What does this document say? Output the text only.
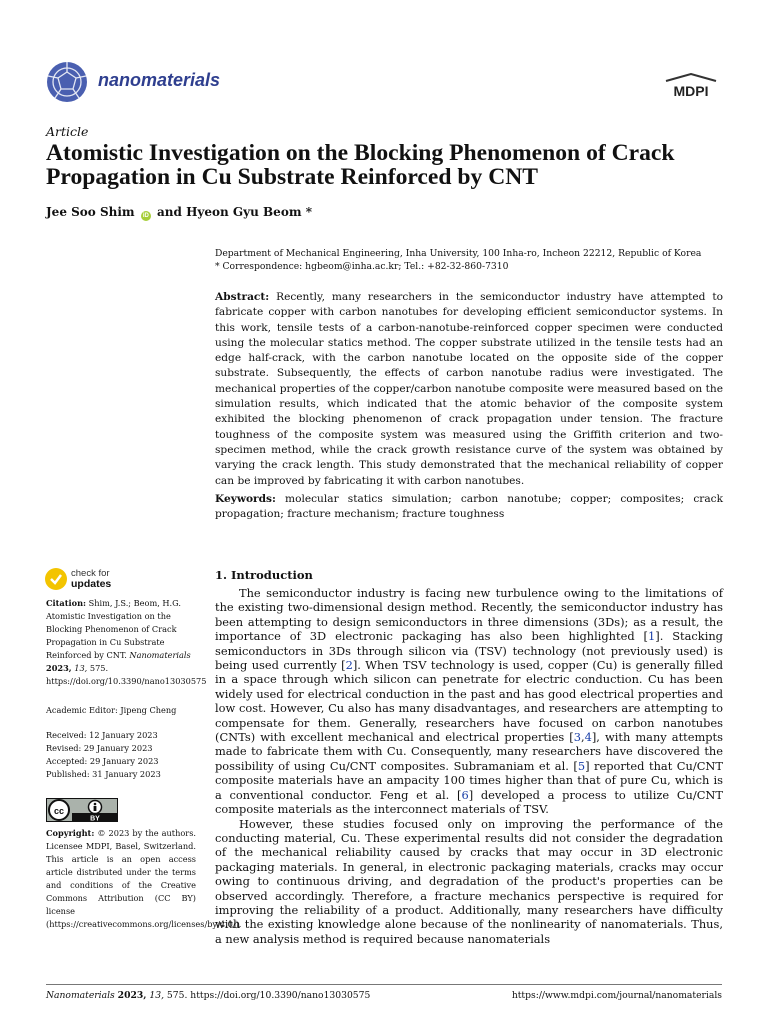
nanomaterials
MDPI
Article
Atomistic Investigation on the Blocking Phenomenon of Crack Propagation in Cu Substrate Reinforced by CNT
Jee Soo Shim iD and Hyeon Gyu Beom *
Department of Mechanical Engineering, Inha University, 100 Inha-ro, Incheon 22212, Republic of Korea
* Correspondence: hgbeom@inha.ac.kr; Tel.: +82-32-860-7310
Abstract: Recently, many researchers in the semiconductor industry have attempted to fabricate copper with carbon nanotubes for developing efficient semiconductor systems. In this work, tensile tests of a carbon-nanotube-reinforced copper specimen were conducted using the molecular statics method. The copper substrate utilized in the tensile tests had an edge half-crack, with the carbon nanotube located on the opposite side of the copper substrate. Subsequently, the effects of carbon nanotube radius were investigated. The mechanical properties of the copper/carbon nanotube composite were measured based on the simulation results, which indicated that the atomic behavior of the composite system exhibited the blocking phenomenon of crack propagation under tension. The fracture toughness of the composite system was measured using the Griffith criterion and two-specimen method, while the crack growth resistance curve of the system was obtained by varying the crack length. This study demonstrated that the mechanical reliability of copper can be improved by fabricating it with carbon nanotubes.
Keywords: molecular statics simulation; carbon nanotube; copper; composites; crack propagation; fracture mechanism; fracture toughness
check for
updates
Citation: Shim, J.S.; Beom, H.G. Atomistic Investigation on the Blocking Phenomenon of Crack Propagation in Cu Substrate Reinforced by CNT. Nanomaterials 2023, 13, 575. https://doi.org/10.3390/nano13030575
Academic Editor: Jipeng Cheng
Received: 12 January 2023
Revised: 29 January 2023
Accepted: 29 January 2023
Published: 31 January 2023
cc
BY
Copyright: © 2023 by the authors. Licensee MDPI, Basel, Switzerland. This article is an open access article distributed under the terms and conditions of the Creative Commons Attribution (CC BY) license (https://creativecommons.org/licenses/by/4.0/).
1. Introduction

The semiconductor industry is facing new turbulence owing to the limitations of the existing two-dimensional design method. Recently, the semiconductor industry has been attempting to design semiconductors in three dimensions (3Ds); as a result, the importance of 3D electronic packaging has also been highlighted [1]. Stacking semiconductors in 3Ds through silicon via (TSV) technology (not previously used) is being used currently [2]. When TSV technology is used, copper (Cu) is generally filled in a space through which silicon can penetrate for electric conduction. Cu has been widely used for electrical conduction in the past and has good electrical properties and low cost. However, Cu also has many disadvantages, and researchers are attempting to compensate for them. Generally, researchers have focused on carbon nanotubes (CNTs) with excellent mechanical and electrical properties [3,4], with many attempts made to fabricate them with Cu. Consequently, many researchers have discovered the possibility of using Cu/CNT composites. Subramaniam et al. [5] reported that Cu/CNT composite materials have an ampacity 100 times higher than that of pure Cu, which is a conventional conductor. Feng et al. [6] developed a process to utilize Cu/CNT composite materials as the interconnect materials of TSV.

However, these studies focused only on improving the performance of the conducting material, Cu. These experimental results did not consider the degradation of the mechanical reliability caused by cracks that may occur in 3D electronic packaging materials. In general, in electronic packaging materials, cracks may occur owing to continuous driving, and degradation of the product's properties can be observed accordingly. Therefore, a fracture mechanics perspective is required for improving the reliability of a product. Additionally, many researchers have difficulty with the existing knowledge alone because of the nonlinearity of nanomaterials. Thus, a new analysis method is required because nanomaterials

Nanomaterials 2023, 13, 575. https://doi.org/10.3390/nano13030575	https://www.mdpi.com/journal/nanomaterials
